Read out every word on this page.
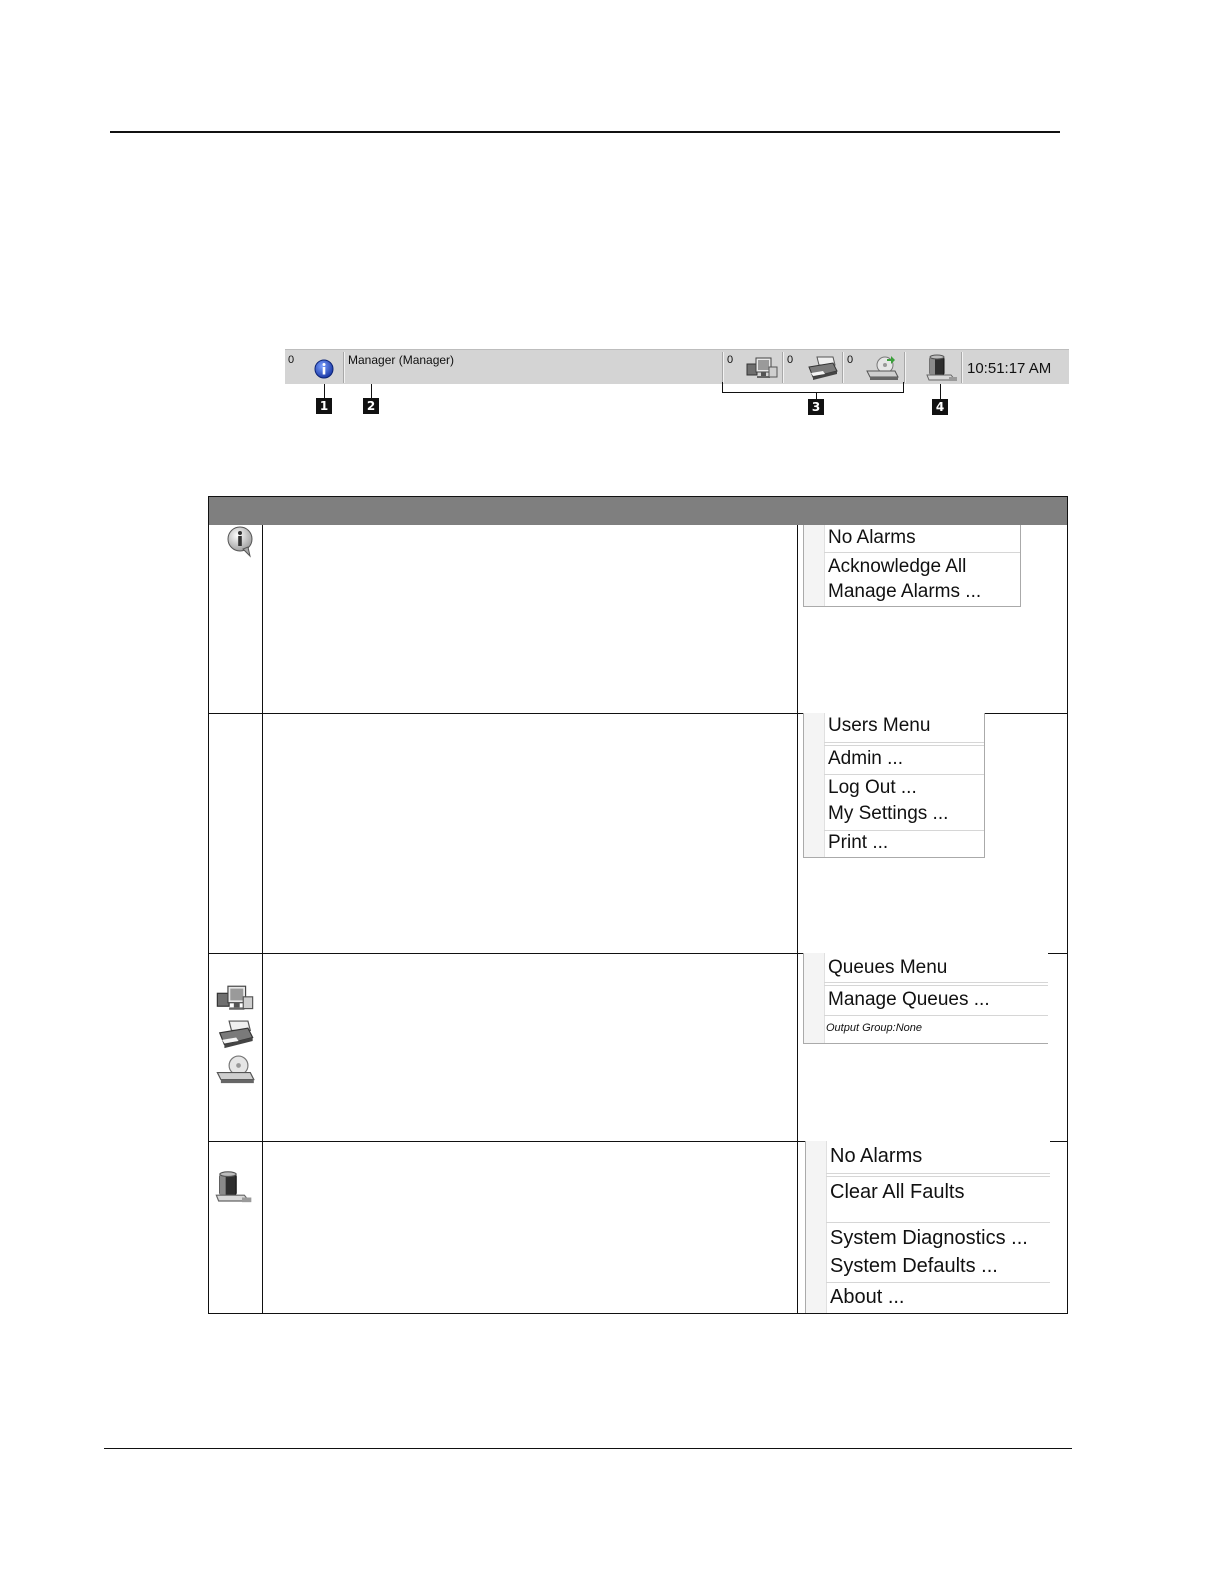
0	Manager (Manager)	0	0	0	10:51:17 AM
1	2	3	4
No Alarms
Acknowledge All
Manage Alarms ...
Users Menu
Admin ...
Log Out ...
My Settings ...
Print ...
Queues Menu
Manage Queues ...
Output Group:None
No Alarms
Clear All Faults
System Diagnostics ...
System Defaults ...
About ...
